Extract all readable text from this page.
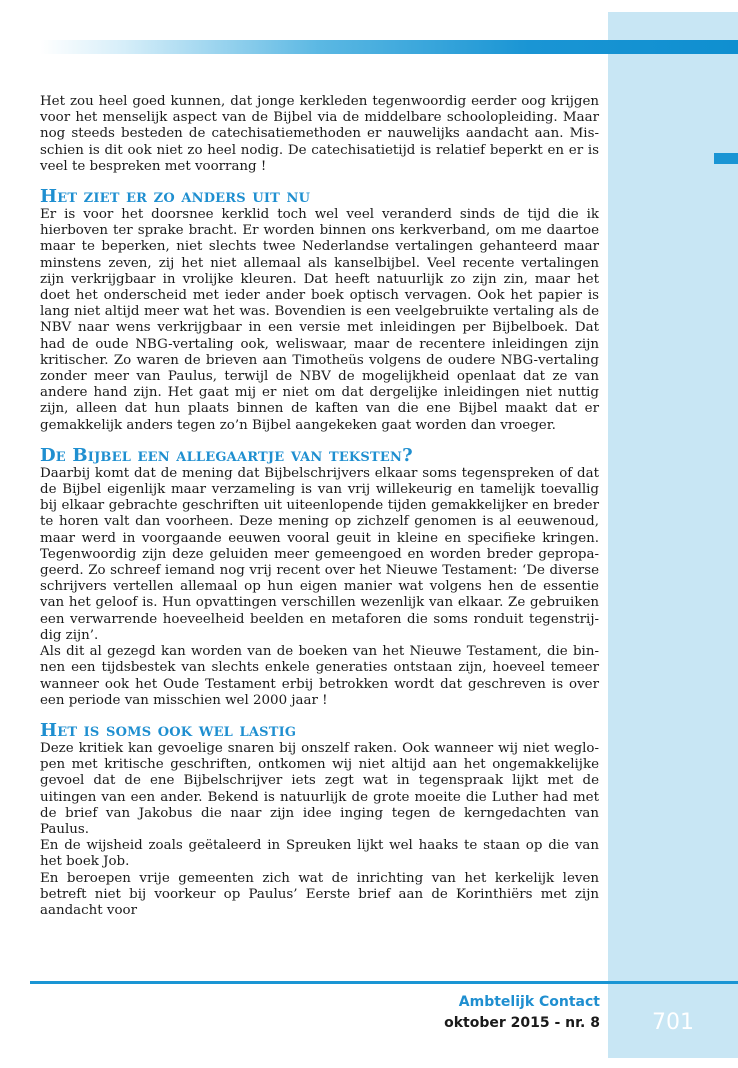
Het zou heel goed kunnen, dat jonge kerkleden tegenwoordig eerder oog krijgen voor het menselijk aspect van de Bijbel via de middelbare schoolopleiding. Maar nog steeds besteden de catechisatiemethoden er nauwelijks aandacht aan. Misschien is dit ook niet zo heel nodig. De catechisatietijd is relatief beperkt en er is veel te bespreken met voorrang !

Het ziet er zo anders uit nu

Er is voor het doorsnee kerklid toch wel veel veranderd sinds de tijd die ik hierboven ter sprake bracht. Er worden binnen ons kerkverband, om me daartoe maar te beperken, niet slechts twee Nederlandse vertalingen gehanteerd maar minstens zeven, zij het niet allemaal als kanselbijbel. Veel recente vertalingen zijn verkrijgbaar in vrolijke kleuren. Dat heeft natuurlijk zo zijn zin, maar het doet het onderscheid met ieder ander boek optisch vervagen. Ook het papier is lang niet altijd meer wat het was. Bovendien is een veelgebruikte vertaling als de NBV naar wens verkrijgbaar in een versie met inleidingen per Bijbelboek. Dat had de oude NBG-vertaling ook, weliswaar, maar de recentere inleidingen zijn kritischer. Zo waren de brieven aan Timotheüs volgens de oudere NBG-vertaling zonder meer van Paulus, terwijl de NBV de mogelijkheid openlaat dat ze van andere hand zijn. Het gaat mij er niet om dat dergelijke inleidingen niet nuttig zijn, alleen dat hun plaats binnen de kaften van die ene Bijbel maakt dat er gemakkelijk anders tegen zo’n Bijbel aangekeken gaat worden dan vroeger.

De Bijbel een allegaartje van teksten?

Daarbij komt dat de mening dat Bijbelschrijvers elkaar soms tegenspreken of dat de Bijbel eigenlijk maar verzameling is van vrij willekeurig en tamelijk toevallig bij elkaar gebrachte geschriften uit uiteenlopende tijden gemakkelijker en breder te horen valt dan voorheen. Deze mening op zichzelf genomen is al eeuwenoud, maar werd in voorgaande eeuwen vooral geuit in kleine en specifieke kringen. Tegenwoordig zijn deze geluiden meer gemeengoed en worden breder gepropageerd. Zo schreef iemand nog vrij recent over het Nieuwe Testament: ‘De diverse schrijvers vertellen allemaal op hun eigen manier wat volgens hen de essentie van het geloof is. Hun opvattingen verschillen wezenlijk van elkaar. Ze gebruiken een verwarrende hoeveelheid beelden en metaforen die soms ronduit tegenstrijdig zijn’.

Als dit al gezegd kan worden van de boeken van het Nieuwe Testament, die binnen een tijdsbestek van slechts enkele generaties ontstaan zijn, hoeveel temeer wanneer ook het Oude Testament erbij betrokken wordt dat geschreven is over een periode van misschien wel 2000 jaar !

Het is soms ook wel lastig

Deze kritiek kan gevoelige snaren bij onszelf raken. Ook wanneer wij niet weglopen met kritische geschriften, ontkomen wij niet altijd aan het ongemakkelijke gevoel dat de ene Bijbelschrijver iets zegt wat in tegenspraak lijkt met de uitingen van een ander. Bekend is natuurlijk de grote moeite die Luther had met de brief van Jakobus die naar zijn idee inging tegen de kerngedachten van Paulus.

En de wijsheid zoals geëtaleerd in Spreuken lijkt wel haaks te staan op die van het boek Job.

En beroepen vrije gemeenten zich wat de inrichting van het kerkelijk leven betreft niet bij voorkeur op Paulus’ Eerste brief aan de Korinthiërs met zijn aandacht voor

Ambtelijk Contact
oktober 2015 - nr. 8	701
